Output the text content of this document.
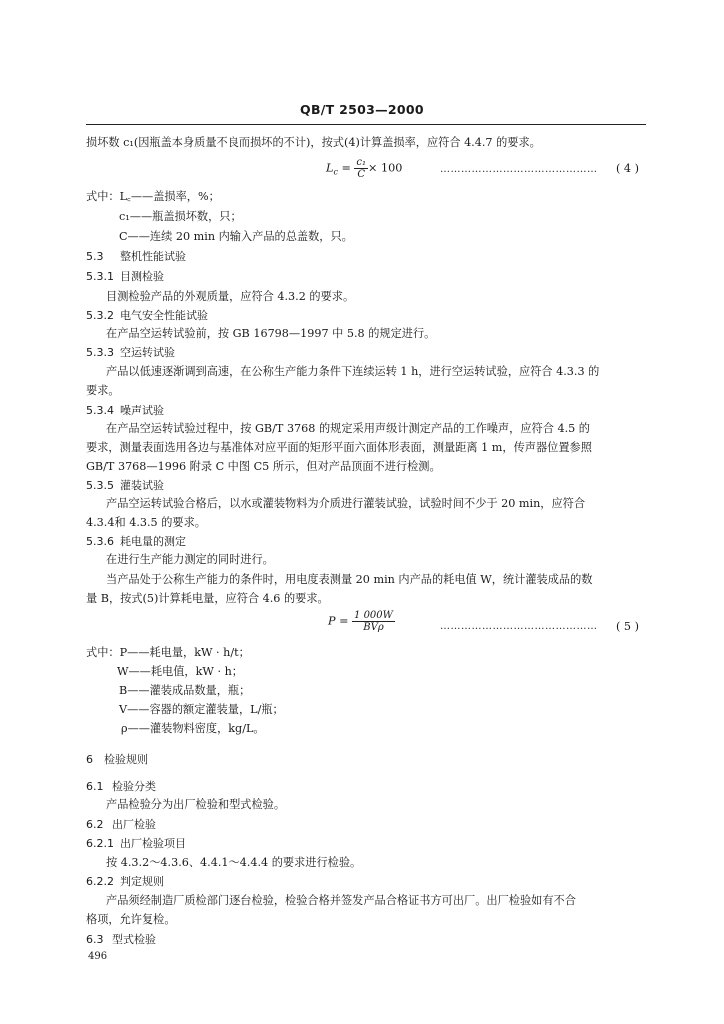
QB/T 2503—2000
损坏数 c₁(因瓶盖本身质量不良而损坏的不计)，按式(4)计算盖损率，应符合 4.4.7 的要求。
$L_c = \frac{\text{c₁}}{C} \times 100$	……………………………………… ( 4 )
式中：L꜀——盖损率，%；
c₁——瓶盖损坏数，只；
C——连续 20 min 内输入产品的总盖数，只。
5.3 整机性能试验
5.3.1 目测检验
目测检验产品的外观质量，应符合 4.3.2 的要求。
5.3.2 电气安全性能试验
在产品空运转试验前，按 GB 16798—1997 中 5.8 的规定进行。
5.3.3 空运转试验
产品以低速逐渐调到高速，在公称生产能力条件下连续运转 1 h，进行空运转试验，应符合 4.3.3 的
要求。
5.3.4 噪声试验
在产品空运转试验过程中，按 GB/T 3768 的规定采用声级计测定产品的工作噪声，应符合 4.5 的
要求，测量表面选用各边与基准体对应平面的矩形平面六面体形表面，测量距离 1 m，传声器位置参照
GB/T 3768—1996 附录 C 中图 C5 所示，但对产品顶面不进行检测。
5.3.5 灌装试验
产品空运转试验合格后，以水或灌装物料为介质进行灌装试验，试验时间不少于 20 min，应符合
4.3.4和 4.3.5 的要求。
5.3.6 耗电量的测定
在进行生产能力测定的同时进行。
当产品处于公称生产能力的条件时，用电度表测量 20 min 内产品的耗电值 W，统计灌装成品的数
量 B，按式(5)计算耗电量，应符合 4.6 的要求。
$P = \frac{1 000W}{\text{BVρ}}$	……………………………………… ( 5 )
式中：P——耗电量，kW · h/t；
W——耗电值，kW · h；
B——灌装成品数量，瓶；
V——容器的额定灌装量，L/瓶；
ρ——灌装物料密度，kg/L。
6 检验规则
6.1 检验分类
产品检验分为出厂检验和型式检验。
6.2 出厂检验
6.2.1 出厂检验项目
按 4.3.2～4.3.6、4.4.1～4.4.4 的要求进行检验。
6.2.2 判定规则
产品须经制造厂质检部门逐台检验，检验合格并签发产品合格证书方可出厂。出厂检验如有不合
格项，允许复检。
6.3 型式检验
496
